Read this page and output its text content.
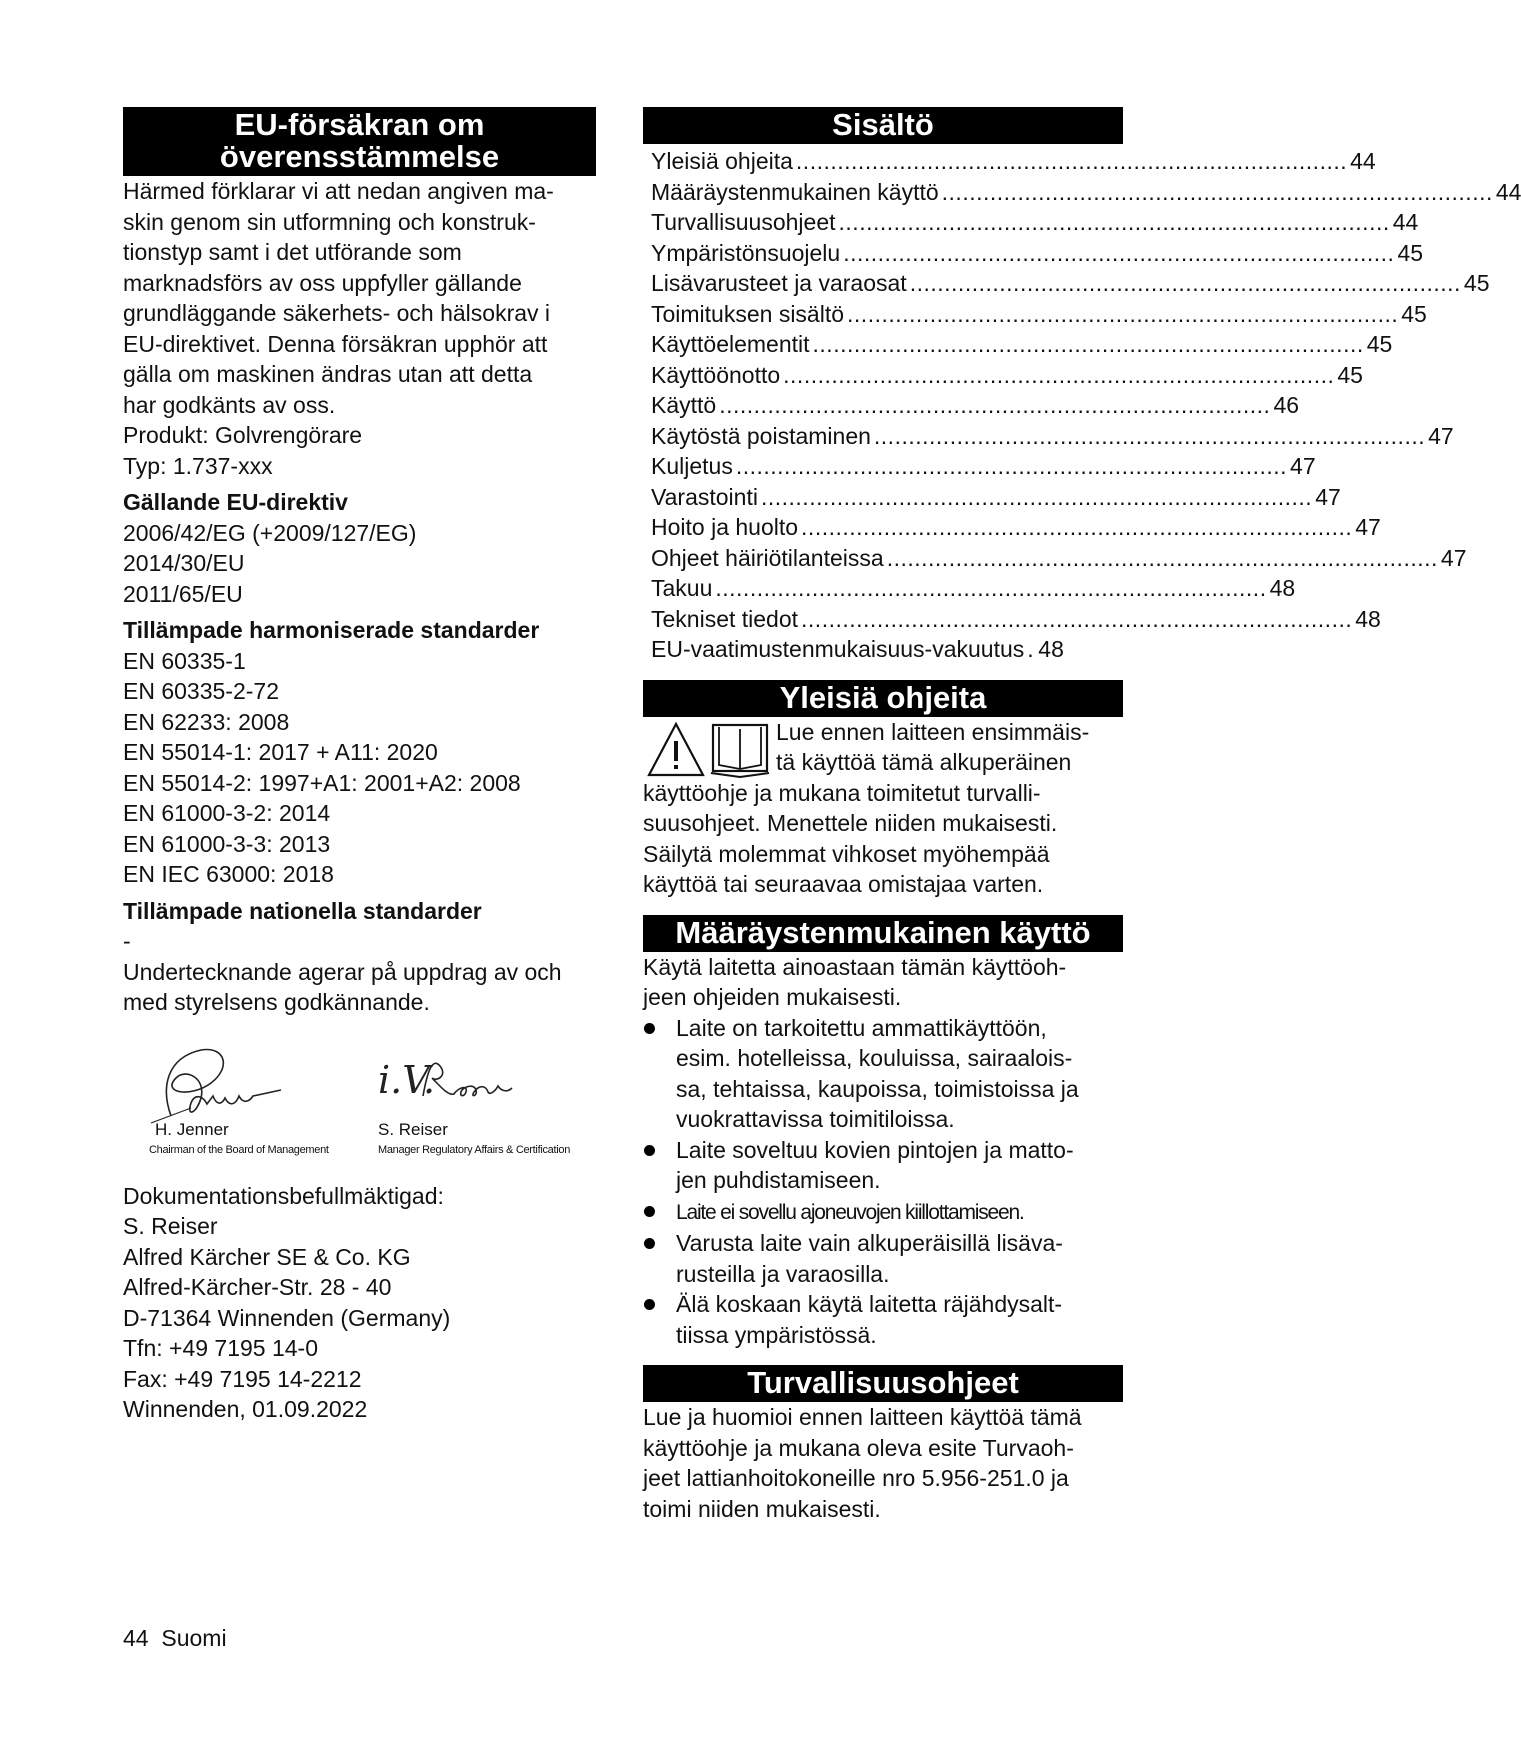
EU-försäkran om
överensstämmelse

Härmed förklarar vi att nedan angiven ma-

skin genom sin utformning och konstruk-

tionstyp samt i det utförande som

marknadsförs av oss uppfyller gällande

grundläggande säkerhets- och hälsokrav i

EU-direktivet. Denna försäkran upphör att

gälla om maskinen ändras utan att detta

har godkänts av oss.

Produkt: Golvrengörare

Typ: 1.737-xxx

Gällande EU-direktiv

2006/42/EG (+2009/127/EG)

2014/30/EU

2011/65/EU

Tillämpade harmoniserade standarder

EN 60335-1

EN 60335-2-72

EN 62233: 2008

EN 55014-1: 2017 + A11: 2020

EN 55014-2: 1997+A1: 2001+A2: 2008

EN 61000-3-2: 2014

EN 61000-3-3: 2013

EN IEC 63000: 2018

Tillämpade nationella standarder

-

Undertecknande agerar på uppdrag av och

med styrelsens godkännande.

i.V.
H. Jenner
Chairman of the Board of Management
S. Reiser
Manager Regulatory Affairs & Certification

Dokumentationsbefullmäktigad:

S. Reiser

Alfred Kärcher SE & Co. KG

Alfred-Kärcher-Str. 28 - 40

D-71364 Winnenden (Germany)

Tfn: +49 7195 14-0

Fax: +49 7195 14-2212

Winnenden, 01.09.2022

Sisältö
Yleisiä ohjeita ................................................................................ 44
Määräystenmukainen käyttö ................................................................................ 44
Turvallisuusohjeet ................................................................................ 44
Ympäristönsuojelu ................................................................................ 45
Lisävarusteet ja varaosat ................................................................................ 45
Toimituksen sisältö ................................................................................ 45
Käyttöelementit ................................................................................ 45
Käyttöönotto ................................................................................ 45
Käyttö ................................................................................ 46
Käytöstä poistaminen ................................................................................ 47
Kuljetus ................................................................................ 47
Varastointi ................................................................................ 47
Hoito ja huolto ................................................................................ 47
Ohjeet häiriötilanteissa ................................................................................ 47
Takuu ................................................................................ 48
Tekniset tiedot ................................................................................ 48
EU-vaatimustenmukaisuus-vakuutus . 48
Yleisiä ohjeita

Lue ennen laitteen ensimmäis-

tä käyttöä tämä alkuperäinen

käyttöohje ja mukana toimitetut turvalli-

suusohjeet. Menettele niiden mukaisesti.

Säilytä molemmat vihkoset myöhempää

käyttöä tai seuraavaa omistajaa varten.

Määräystenmukainen käyttö

Käytä laitetta ainoastaan tämän käyttöoh-

jeen ohjeiden mukaisesti.

Laite on tarkoitettu ammattikäyttöön,
esim. hotelleissa, kouluissa, sairaalois-
sa, tehtaissa, kaupoissa, toimistoissa ja
vuokrattavissa toimitiloissa.
Laite soveltuu kovien pintojen ja matto-
jen puhdistamiseen.
Laite ei sovellu ajoneuvojen kiillottamiseen.
Varusta laite vain alkuperäisillä lisäva-
rusteilla ja varaosilla.
Älä koskaan käytä laitetta räjähdysalt-
tiissa ympäristössä.
Turvallisuusohjeet

Lue ja huomioi ennen laitteen käyttöä tämä

käyttöohje ja mukana oleva esite Turvaoh-

jeet lattianhoitokoneille nro 5.956-251.0 ja

toimi niiden mukaisesti.

44 Suomi
